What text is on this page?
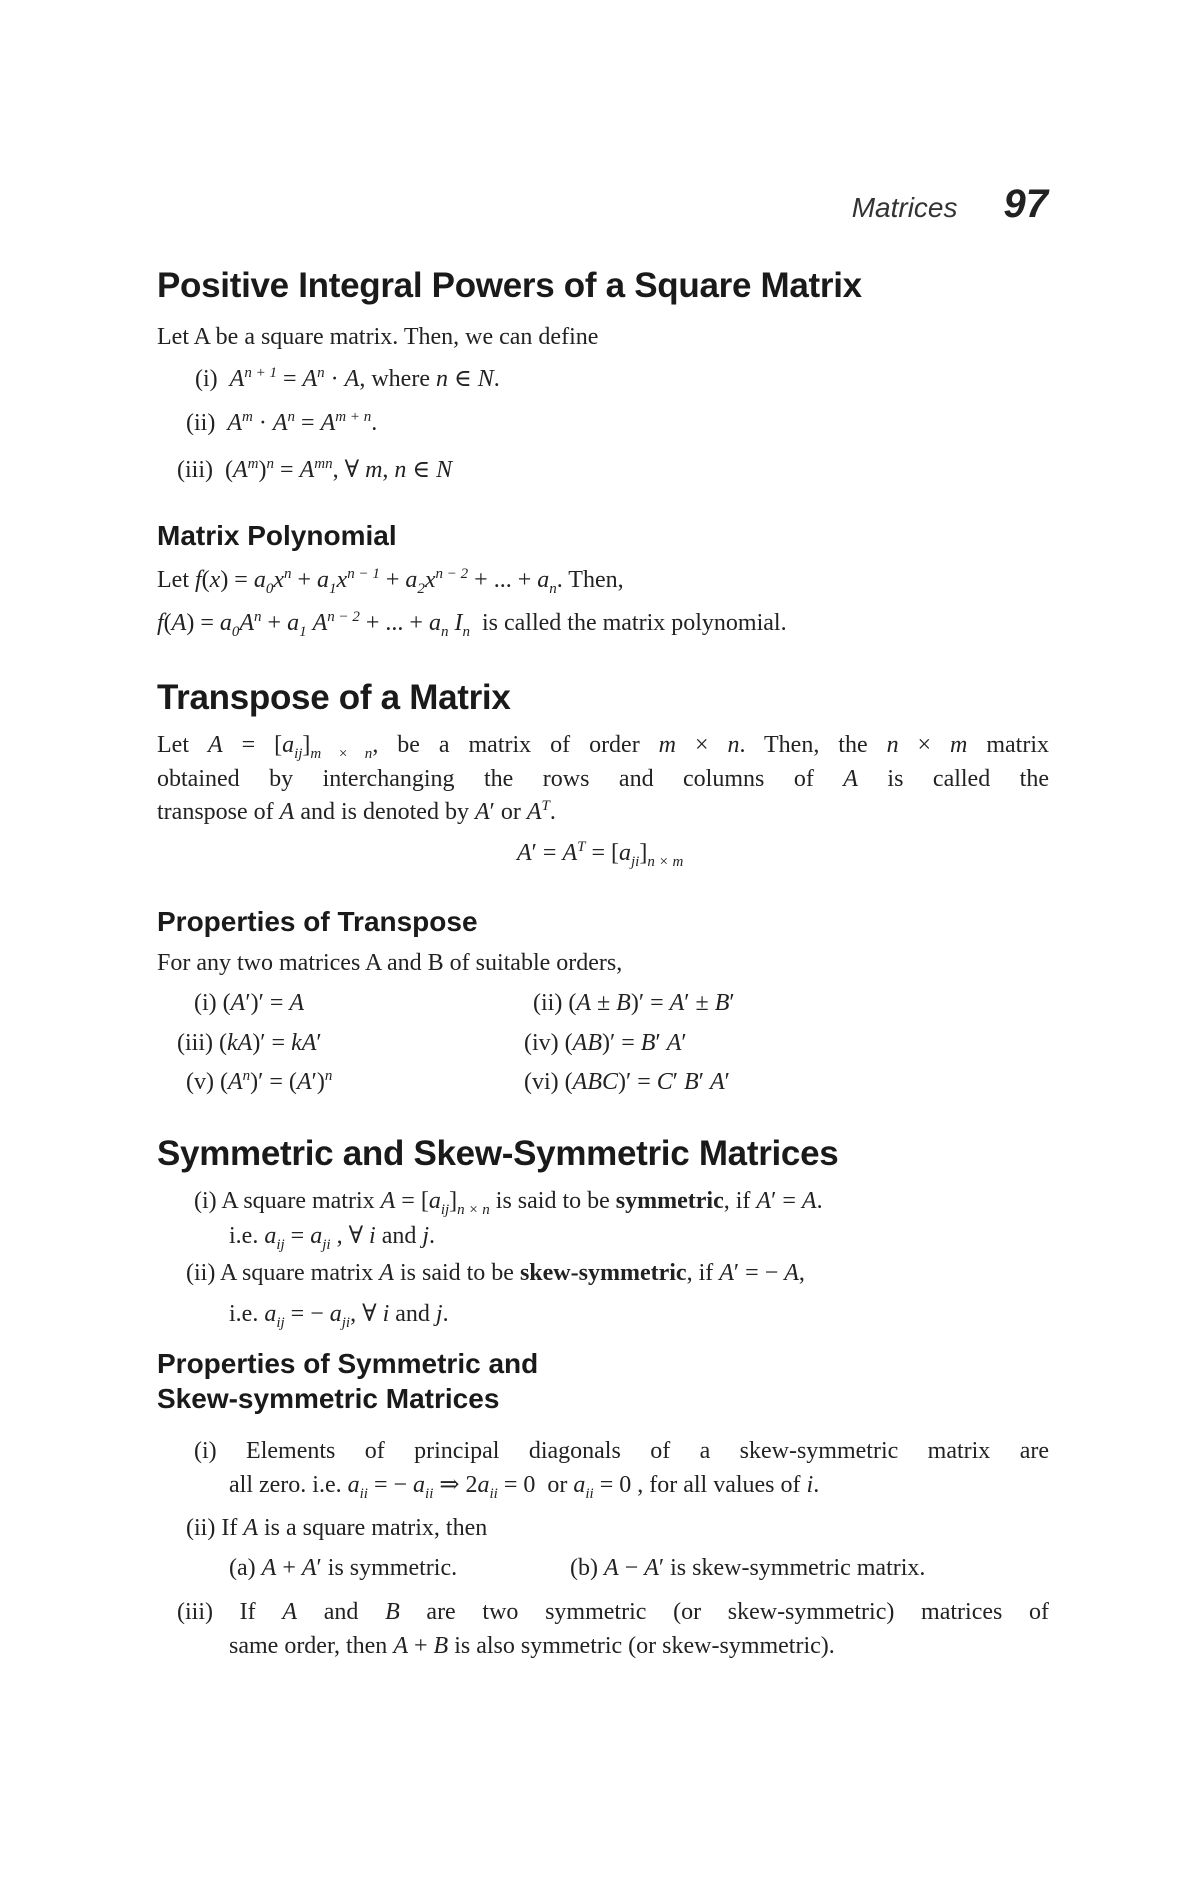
Matrices 97
Positive Integral Powers of a Square Matrix
Let A be a square matrix. Then, we can define
(i) $A^{n + 1} = A^n \cdot A$, where n ∈ N.
(ii) $A^m \cdot A^n = A^{m + n}$.
(iii)  $(A^m)^n = A^{mn}$, ∀ m, n ∈ N
Matrix Polynomial
Let $f(x) = a_0x^n + a_1x^{n - 1} + a_2x^{n - 2}$ + ... + $a_n$. Then,
$f(A) = a_0A^n + a_1$ $A^{n - 2}$ + ... + $a_n$ $I_n$  is called the matrix polynomial.
Transpose of a Matrix
Let $A = [a_{ij}]_{m \times n}$, be a matrix of order m × n. Then, the n × m matrix
obtained by interchanging the rows and columns of A is called the
transpose of A and is denoted by A′ or $A^T$.
$A' = A^T = [a_{ji}]_{n \times m}$
Properties of Transpose
For any two matrices A and B of suitable orders,
(i) (A′)′ = A	(ii) (A ± B)′ = A′ ± B′
(iii) (kA)′ = kA′	(iv) (AB)′ = B′ A′
(v) $(A^n)' = (A')^n$	(vi) (ABC)′ = C′ B′ A′
Symmetric and Skew-Symmetric Matrices
(i) A square matrix $A = [a_{ij}]_{n \times n}$ is said to be symmetric, if A′ = A.
i.e. $a_{ij} = a_{ji}$ , ∀ i and j.
(ii) A square matrix A is said to be skew-symmetric, if A′ = − A,
i.e. $a_{ij}$ = − $a_{ji}$, ∀ i and j.
Properties of Symmetric and
Skew-symmetric Matrices
(i) Elements of principal diagonals of a skew-symmetric matrix are
all zero. i.e. $a_{ii}$ = − $a_{ii}$ ⇒ $2a_{ii} = 0$  or $a_{ii} = 0$ , for all values of i.
(ii) If A is a square matrix, then
(a) A + A′ is symmetric.	(b) A − A′ is skew-symmetric matrix.
(iii) If A and B are two symmetric (or skew-symmetric) matrices of
same order, then A + B is also symmetric (or skew-symmetric).
